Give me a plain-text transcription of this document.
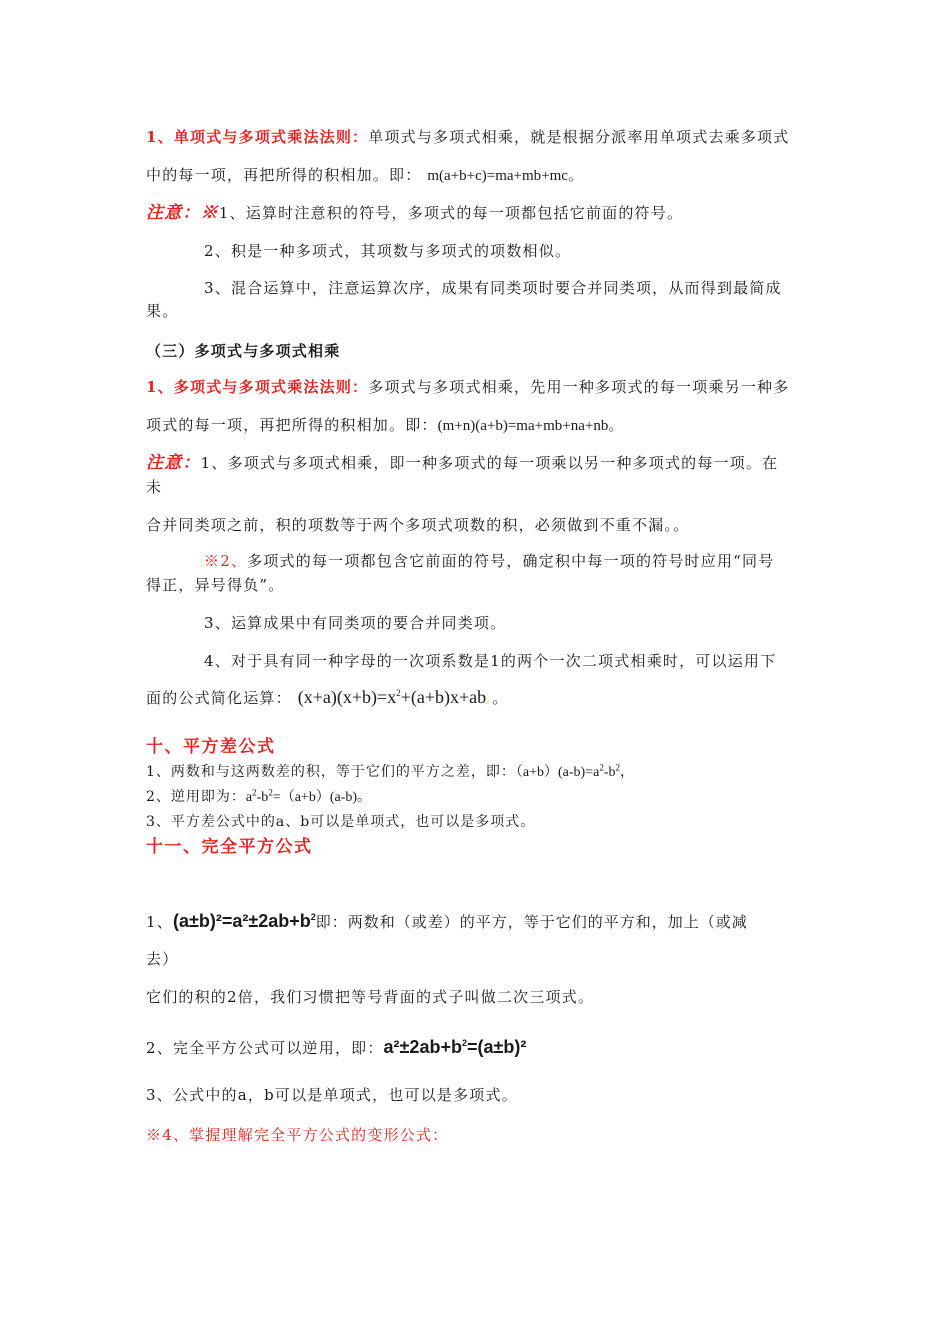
1、单项式与多项式乘法法则：单项式与多项式相乘，就是根据分派率用单项式去乘多项式
中的每一项，再把所得的积相加。即： m(a+b+c)=ma+mb+mc。
注意：※1、运算时注意积的符号，多项式的每一项都包括它前面的符号。
2、积是一种多项式，其项数与多项式的项数相似。
3、混合运算中，注意运算次序，成果有同类项时要合并同类项，从而得到最简成
果。
（三）多项式与多项式相乘
1、多项式与多项式乘法法则：多项式与多项式相乘，先用一种多项式的每一项乘另一种多
项式的每一项，再把所得的积相加。即：(m+n)(a+b)=ma+mb+na+nb。
注意：1、多项式与多项式相乘，即一种多项式的每一项乘以另一种多项式的每一项。在
未
合并同类项之前，积的项数等于两个多项式项数的积，必须做到不重不漏。。
※2、多项式的每一项都包含它前面的符号，确定积中每一项的符号时应用“同号
得正，异号得负”。
3、运算成果中有同类项的要合并同类项。
4、对于具有同一种字母的一次项系数是1的两个一次二项式相乘时，可以运用下
面的公式简化运算： $(x+a)(x+b)=x^2+(a+b)x+ab$。。
十、平方差公式
1、两数和与这两数差的积，等于它们的平方之差，即：$(a+b)(a-b)=a^2-b^2$，
2、逆用即为：$a^2-b^2=(a+b)(a-b)$。
3、平方差公式中的a、b可以是单项式，也可以是多项式。
十一、完全平方公式
1、$(a\pm b)^2=a^2\pm 2ab+b^2$即：两数和（或差）的平方，等于它们的平方和，加上（或减
去）
它们的积的2倍，我们习惯把等号背面的式子叫做二次三项式。
2、完全平方公式可以逆用，即：$a^2\pm 2ab+b^2=(a\pm b)^2$
3、公式中的a，b可以是单项式，也可以是多项式。
※4、掌握理解完全平方公式的变形公式：
